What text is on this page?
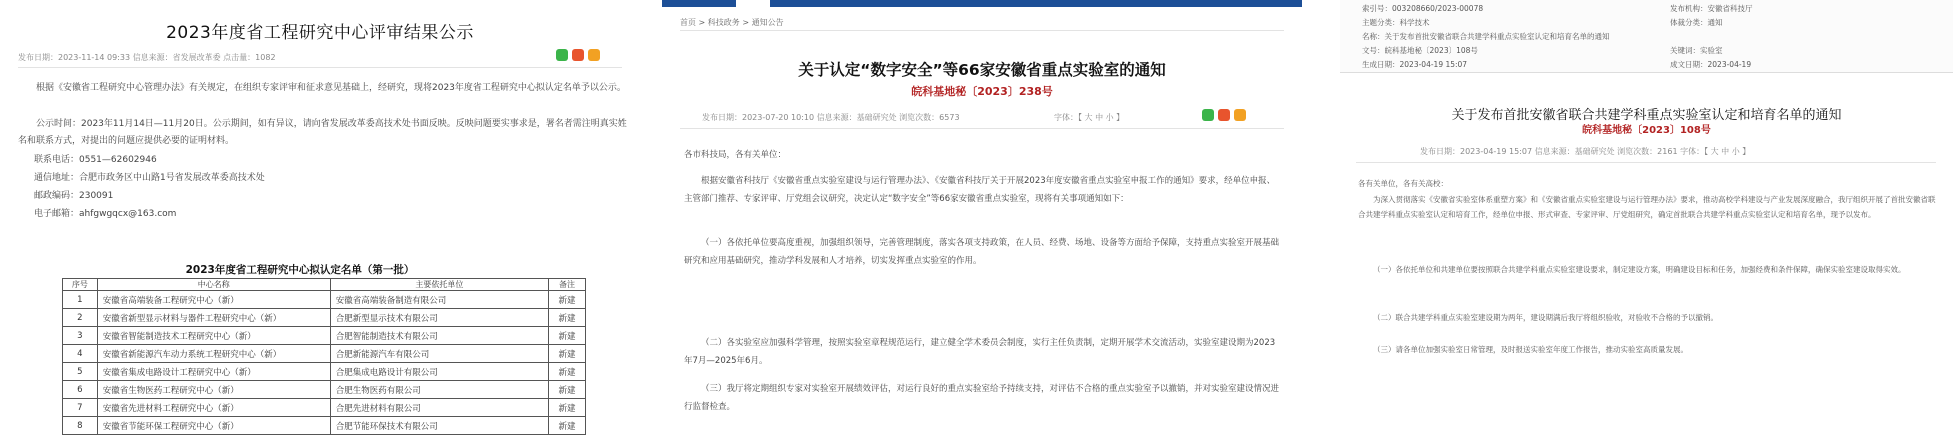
2023年度省工程研究中心评审结果公示
发布日期：2023-11-14 09:33 信息来源：省发展改革委 点击量：1082
根据《安徽省工程研究中心管理办法》有关规定，在组织专家评审和征求意见基础上，经研究，现将2023年度省工程研究中心拟认定名单予以公示。
公示时间：2023年11月14日—11月20日。公示期间，如有异议，请向省发展改革委高技术处书面反映。反映问题要实事求是，署名者需注明真实姓名和联系方式，对提出的问题应提供必要的证明材料。
联系电话：0551—62602946
通信地址：合肥市政务区中山路1号省发展改革委高技术处
邮政编码：230091
电子邮箱：ahfgwgqcx@163.com
2023年度省工程研究中心拟认定名单（第一批）
序号	中心名称	主要依托单位	备注
1	安徽省高端装备工程研究中心（新）	安徽省高端装备制造有限公司	新建
2	安徽省新型显示材料与器件工程研究中心（新）	合肥新型显示技术有限公司	新建
3	安徽省智能制造技术工程研究中心（新）	合肥智能制造技术有限公司	新建
4	安徽省新能源汽车动力系统工程研究中心（新）	合肥新能源汽车有限公司	新建
5	安徽省集成电路设计工程研究中心（新）	合肥集成电路设计有限公司	新建
6	安徽省生物医药工程研究中心（新）	合肥生物医药有限公司	新建
7	安徽省先进材料工程研究中心（新）	合肥先进材料有限公司	新建
8	安徽省节能环保工程研究中心（新）	合肥节能环保技术有限公司	新建
首页 > 科技政务 > 通知公告
关于认定“数字安全”等66家安徽省重点实验室的通知
皖科基地秘〔2023〕238号
发布日期：2023-07-20 10:10 信息来源：基础研究处 浏览次数：6573	字体：【 大 中 小 】
各市科技局，各有关单位：
根据安徽省科技厅《安徽省重点实验室建设与运行管理办法》、《安徽省科技厅关于开展2023年度安徽省重点实验室申报工作的通知》要求，经单位申报、主管部门推荐、专家评审、厅党组会议研究，决定认定“数字安全”等66家安徽省重点实验室，现将有关事项通知如下：
（一）各依托单位要高度重视，加强组织领导，完善管理制度，落实各项支持政策，在人员、经费、场地、设备等方面给予保障，支持重点实验室开展基础研究和应用基础研究，推动学科发展和人才培养，切实发挥重点实验室的作用。
（二）各实验室应加强科学管理，按照实验室章程规范运行，建立健全学术委员会制度，实行主任负责制，定期开展学术交流活动，实验室建设期为2023年7月—2025年6月。
（三）我厅将定期组织专家对实验室开展绩效评估，对运行良好的重点实验室给予持续支持，对评估不合格的重点实验室予以撤销，并对实验室建设情况进行监督检查。
索引号：003208660/2023-00078	发布机构：安徽省科技厅
主题分类：科学技术	体裁分类：通知
名称：关于发布首批安徽省联合共建学科重点实验室认定和培育名单的通知
文号：皖科基地秘〔2023〕108号	关键词：实验室
生成日期：2023-04-19 15:07	成文日期：2023-04-19
关于发布首批安徽省联合共建学科重点实验室认定和培育名单的通知
皖科基地秘〔2023〕108号
发布日期：2023-04-19 15:07 信息来源：基础研究处 浏览次数：2161 字体：【 大 中 小 】
各有关单位，各有关高校：
为深入贯彻落实《安徽省实验室体系重塑方案》和《安徽省重点实验室建设与运行管理办法》要求，推动高校学科建设与产业发展深度融合，我厅组织开展了首批安徽省联合共建学科重点实验室认定和培育工作，经单位申报、形式审查、专家评审、厅党组研究，确定首批联合共建学科重点实验室认定和培育名单，现予以发布。
（一）各依托单位和共建单位要按照联合共建学科重点实验室建设要求，制定建设方案，明确建设目标和任务，加强经费和条件保障，确保实验室建设取得实效。
（二）联合共建学科重点实验室建设期为两年，建设期满后我厅将组织验收，对验收不合格的予以撤销。
（三）请各单位加强实验室日常管理，及时报送实验室年度工作报告，推动实验室高质量发展。
